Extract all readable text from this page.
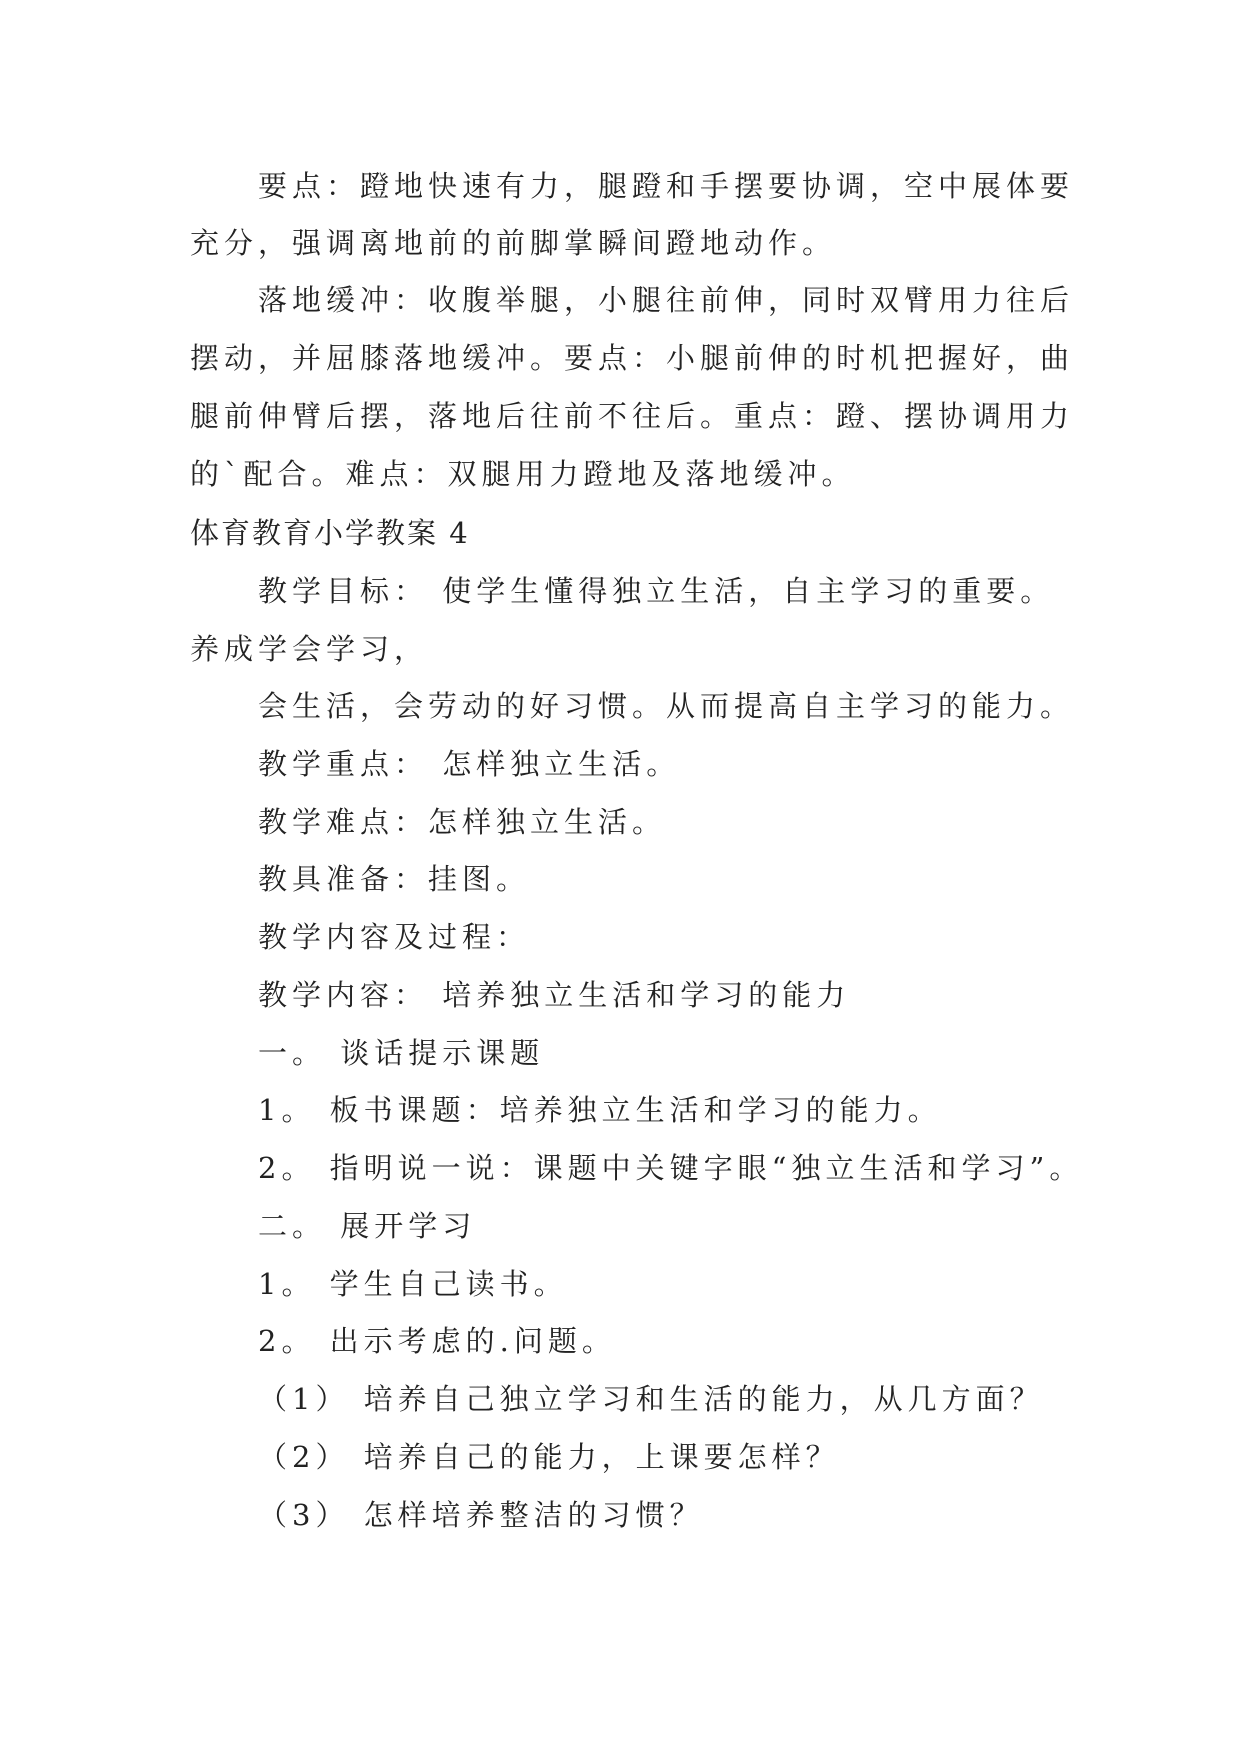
要点：蹬地快速有力，腿蹬和手摆要协调，空中展体要
充分，强调离地前的前脚掌瞬间蹬地动作。
落地缓冲：收腹举腿，小腿往前伸，同时双臂用力往后
摆动，并屈膝落地缓冲。要点：小腿前伸的时机把握好，曲
腿前伸臂后摆，落地后往前不往后。重点：蹬、摆协调用力
的`配合。难点：双腿用力蹬地及落地缓冲。
体育教育小学教案 4
教学目标： 使学生懂得独立生活，自主学习的重要。
养成学会学习，
会生活，会劳动的好习惯。从而提高自主学习的能力。
教学重点： 怎样独立生活。
教学难点：怎样独立生活。
教具准备：挂图。
教学内容及过程：
教学内容： 培养独立生活和学习的能力
一。 谈话提示课题
1。 板书课题：培养独立生活和学习的能力。
2。 指明说一说：课题中关键字眼“独立生活和学习”。
二。 展开学习
1。 学生自己读书。
2。 出示考虑的.问题。
（1） 培养自己独立学习和生活的能力，从几方面？
（2） 培养自己的能力，上课要怎样？
（3） 怎样培养整洁的习惯？
